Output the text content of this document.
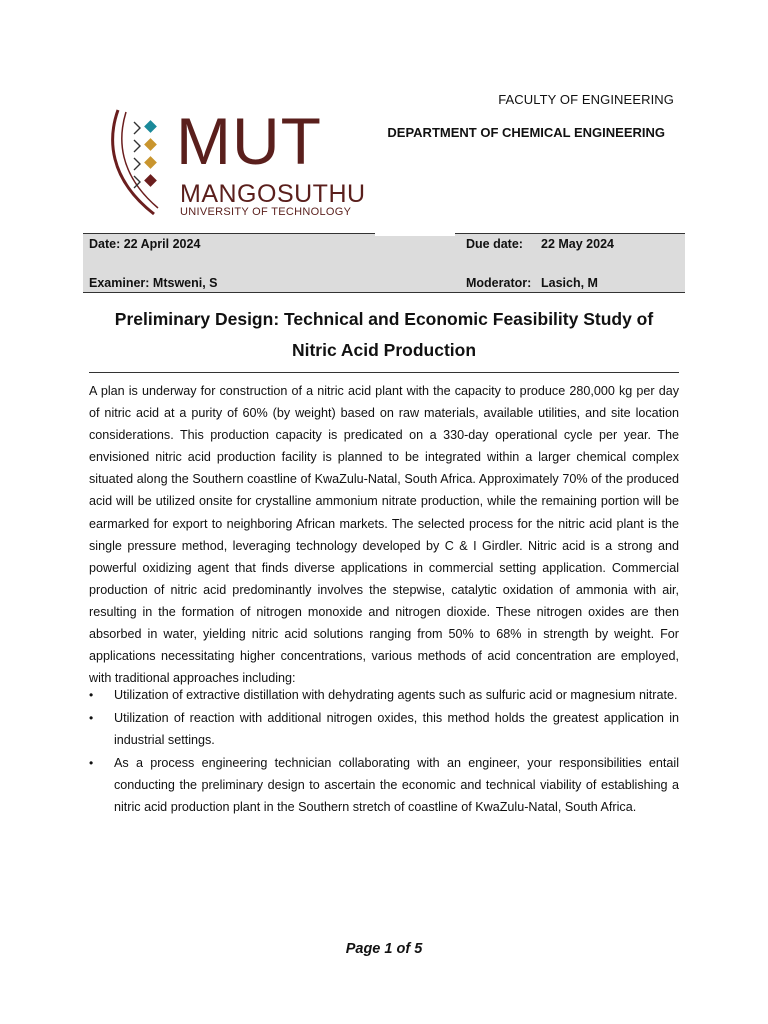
MUT
MANGOSUTHU
UNIVERSITY OF TECHNOLOGY
FACULTY OF ENGINEERING
DEPARTMENT OF CHEMICAL ENGINEERING
Date: 22 April 2024	Due date: 22 May 2024
Examiner: Mtsweni, S	Moderator: Lasich, M
Preliminary Design: Technical and Economic Feasibility Study of
Nitric Acid Production
A plan is underway for construction of a nitric acid plant with the capacity to produce 280,000 kg per day of nitric acid at a purity of 60% (by weight) based on raw materials, available utilities, and site location considerations. This production capacity is predicated on a 330-day operational cycle per year. The envisioned nitric acid production facility is planned to be integrated within a larger chemical complex situated along the Southern coastline of KwaZulu-Natal, South Africa. Approximately 70% of the produced acid will be utilized onsite for crystalline ammonium nitrate production, while the remaining portion will be earmarked for export to neighboring African markets. The selected process for the nitric acid plant is the single pressure method, leveraging technology developed by C & I Girdler. Nitric acid is a strong and powerful oxidizing agent that finds diverse applications in commercial setting application. Commercial production of nitric acid predominantly involves the stepwise, catalytic oxidation of ammonia with air, resulting in the formation of nitrogen monoxide and nitrogen dioxide. These nitrogen oxides are then absorbed in water, yielding nitric acid solutions ranging from 50% to 68% in strength by weight. For applications necessitating higher concentrations, various methods of acid concentration are employed, with traditional approaches including:
•	Utilization of extractive distillation with dehydrating agents such as sulfuric acid or magnesium nitrate.
•	Utilization of reaction with additional nitrogen oxides, this method holds the greatest application in industrial settings.
•	As a process engineering technician collaborating with an engineer, your responsibilities entail conducting the preliminary design to ascertain the economic and technical viability of establishing a nitric acid production plant in the Southern stretch of coastline of KwaZulu-Natal, South Africa.
Page 1 of 5
